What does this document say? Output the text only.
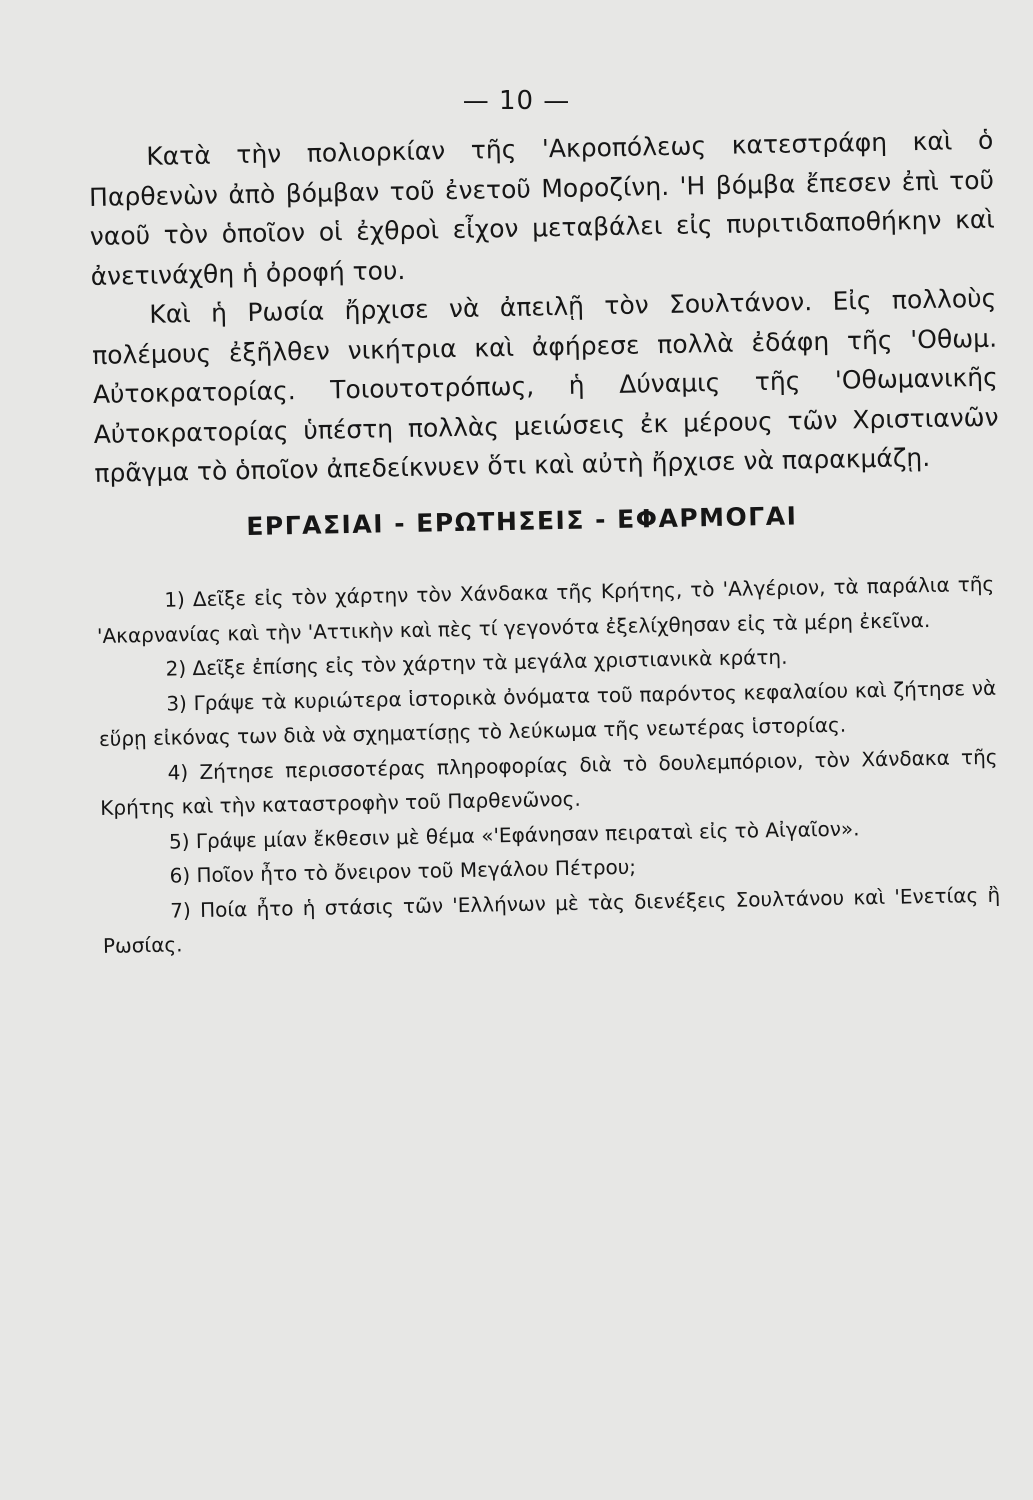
— 10 —

Κατὰ τὴν πολιορκίαν τῆς 'Ακροπόλεως κατεστράφη καὶ ὁ Παρθενὼν ἀπὸ βόμβαν τοῦ ἐνετοῦ Μοροζίνη. 'Η βόμβα ἔπεσεν ἐπὶ τοῦ ναοῦ τὸν ὁποῖον οἱ ἐχθροὶ εἶχον μεταβάλει εἰς πυριτιδαποθήκην καὶ ἀνετινάχθη ἡ ὀροφή του.

Καὶ ἡ Ρωσία ἤρχισε νὰ ἀπειλῇ τὸν Σουλτάνον. Εἰς πολλοὺς πολέμους ἐξῆλθεν νικήτρια καὶ ἀφήρεσε πολλὰ ἐδάφη τῆς 'Οθωμ. Αὐτοκρατορίας. Τοιουτοτρόπως, ἡ Δύναμις τῆς 'Οθωμανικῆς Αὐτοκρατορίας ὑπέστη πολλὰς μειώσεις ἐκ μέρους τῶν Χριστιανῶν πρᾶγμα τὸ ὁποῖον ἀπεδείκνυεν ὅτι καὶ αὐτὴ ἤρχισε νὰ παρακμάζῃ.

ΕΡΓΑΣΙΑΙ - ΕΡΩΤΗΣΕΙΣ - ΕΦΑΡΜΟΓΑΙ
1) Δεῖξε εἰς τὸν χάρτην τὸν Χάνδακα τῆς Κρήτης, τὸ 'Αλγέριον, τὰ παράλια τῆς 'Ακαρνανίας καὶ τὴν 'Αττικὴν καὶ πὲς τί γεγονότα ἐξελίχθησαν εἰς τὰ μέρη ἐκεῖνα.
2) Δεῖξε ἐπίσης εἰς τὸν χάρτην τὰ μεγάλα χριστιανικὰ κράτη.
3) Γράψε τὰ κυριώτερα ἱστορικὰ ὀνόματα τοῦ παρόντος κεφαλαίου καὶ ζήτησε νὰ εὕρῃ εἰκόνας των διὰ νὰ σχηματίσῃς τὸ λεύκωμα τῆς νεωτέρας ἱστορίας.
4) Ζήτησε περισσοτέρας πληροφορίας διὰ τὸ δουλεμπόριον, τὸν Χάνδακα τῆς Κρήτης καὶ τὴν καταστροφὴν τοῦ Παρθενῶνος.
5) Γράψε μίαν ἔκθεσιν μὲ θέμα «'Εφάνησαν πειραταὶ εἰς τὸ Αἰγαῖον».
6) Ποῖον ἦτο τὸ ὄνειρον τοῦ Μεγάλου Πέτρου;
7) Ποία ἦτο ἡ στάσις τῶν 'Ελλήνων μὲ τὰς διενέξεις Σουλτάνου καὶ 'Ενετίας ἢ Ρωσίας.
